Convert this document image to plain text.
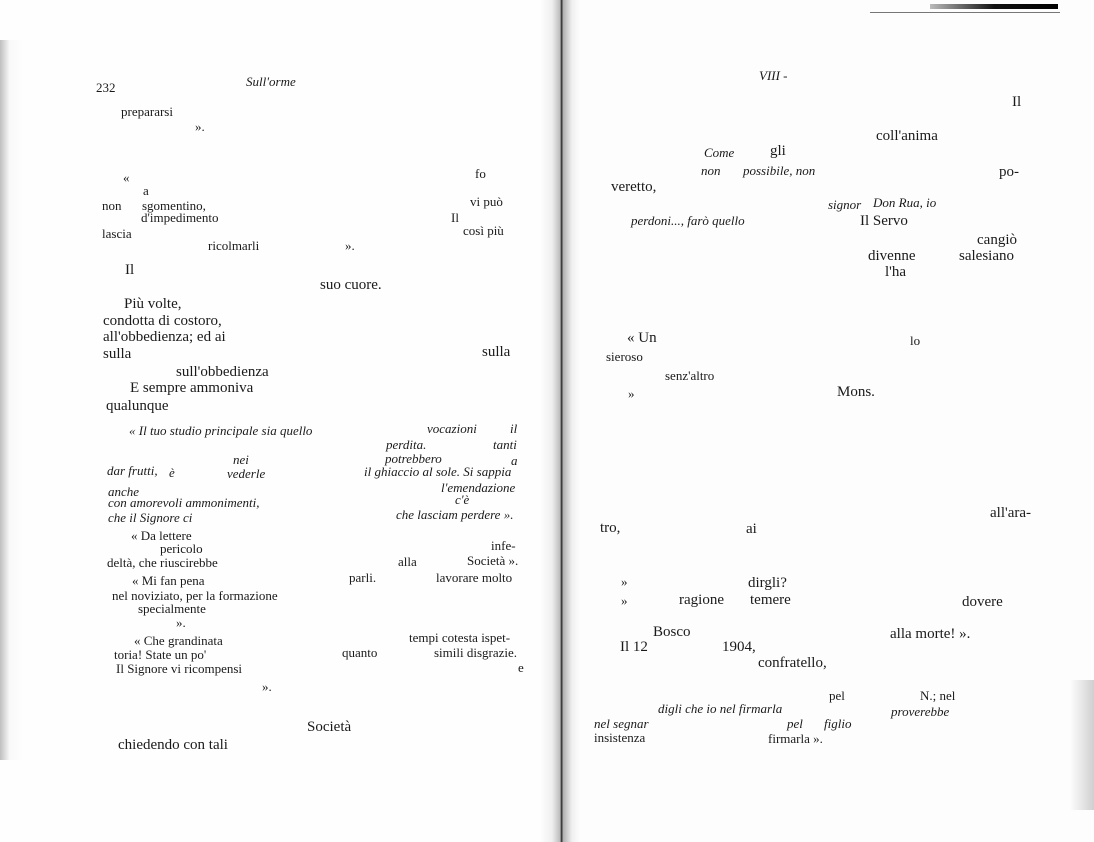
232	Sull'orme
prepararsi
».
«	fo
a
non sgomentino,	vi può
d'impedimento	Il
lascia	così più
ricolmarli	».
Il
suo cuore.
Più volte,
condotta di costoro,
all'obbedienza; ed ai
sulla	sulla
sull'obbedienza
E sempre ammoniva
qualunque
« Il tuo studio principale sia quello	vocazioni	il
perdita.	tanti
potrebbero	a
nei
dar frutti, è	vederle	il ghiaccio al sole. Si sappia
anche	l'emendazione
c'è
con amorevoli ammonimenti,
che il Signore ci	che lasciam perdere ».
« Da lettere
pericolo	infe-
deltà, che riuscirebbe	alla	Società ».
« Mi fan pena	parli.	lavorare molto
nel noviziato, per la formazione
specialmente
».
« Che grandinata	tempi cotesta ispet-
toria! State un po'	quanto	simili disgrazie.
Il Signore vi ricompensi	e
».
Società
chiedendo con tali
VIII -
Il
coll'anima
Come gli
non possibile, non	po-
veretto,
signor Don Rua, io
perdoni..., farò quello	Il Servo
cangiò
divenne	salesiano
l'ha
« Un	lo
sieroso
senz'altro
»	Mons.
all'ara-
tro,	ai
»	dirgli?
»	ragione temere	dovere
Bosco	alla morte! ».
Il 12	1904,
confratello,
pel	N.; nel
digli che io nel firmarla	proverebbe
nel segnar	pel figlio
insistenza	firmarla ».
